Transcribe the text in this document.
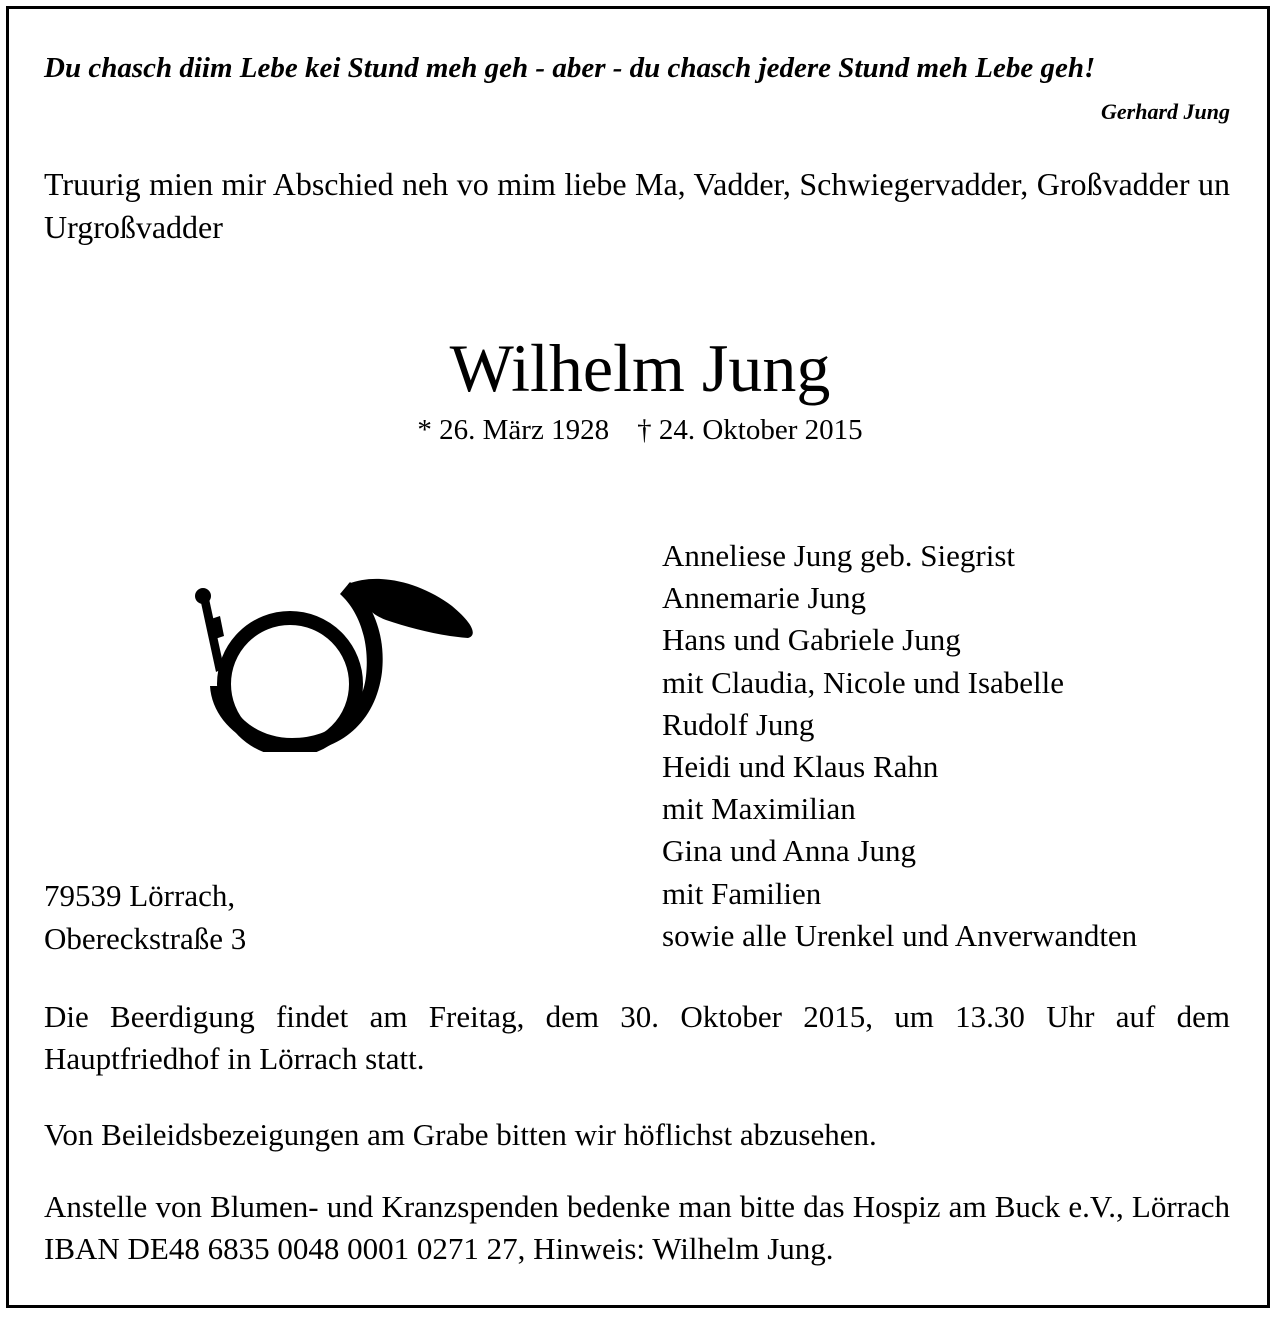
Du chasch diim Lebe kei Stund meh geh - aber - du chasch jedere Stund meh Lebe geh!
Gerhard Jung
Truurig mien mir Abschied neh vo mim liebe Ma, Vadder, Schwiegervadder, Großvadder un Urgroßvadder
Wilhelm Jung
* 26. März 1928 † 24. Oktober 2015
79539 Lörrach,
Obereckstraße 3
Anneliese Jung geb. Siegrist
Annemarie Jung
Hans und Gabriele Jung
mit Claudia, Nicole und Isabelle
Rudolf Jung
Heidi und Klaus Rahn
mit Maximilian
Gina und Anna Jung
mit Familien
sowie alle Urenkel und Anverwandten
Die Beerdigung findet am Freitag, dem 30. Oktober 2015, um 13.30 Uhr auf dem Hauptfriedhof in Lörrach statt.
Von Beileidsbezeigungen am Grabe bitten wir höflichst abzusehen.
Anstelle von Blumen- und Kranzspenden bedenke man bitte das Hospiz am Buck e.V., Lörrach IBAN DE48 6835 0048 0001 0271 27, Hinweis: Wilhelm Jung.
